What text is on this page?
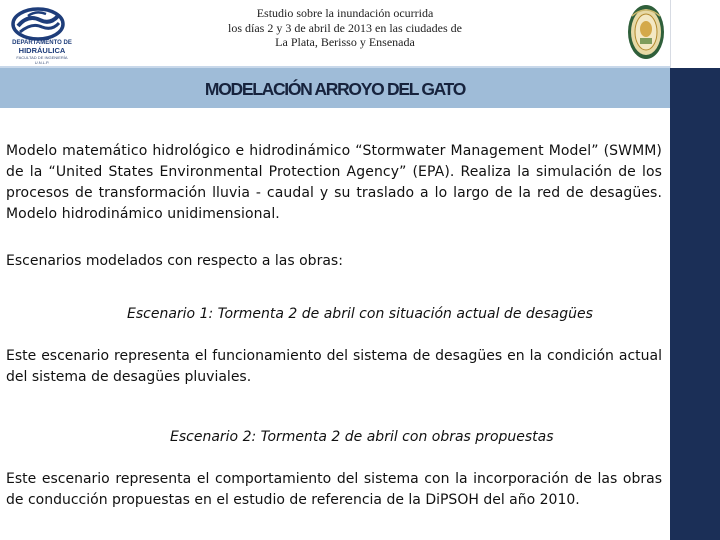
DEPARTAMENTO DE
HIDRÁULICA
FACULTAD DE INGENIERÍA U.N.L.P.
Estudio sobre la inundación ocurrida
los días 2 y 3 de abril de 2013 en las ciudades de
La Plata, Berisso y Ensenada
MODELACIÓN ARROYO DEL GATO

Modelo matemático hidrológico e hidrodinámico “Stormwater Management Model” (SWMM) de la “United States Environmental Protection Agency” (EPA). Realiza la simulación de los procesos de transformación lluvia - caudal y su traslado a lo largo de la red de desagües. Modelo hidrodinámico unidimensional.

Escenarios modelados con respecto a las obras:

Escenario 1: Tormenta 2 de abril con situación actual de desagües

Este escenario representa el funcionamiento del sistema de desagües en la condición actual del sistema de desagües pluviales.

Escenario 2: Tormenta 2 de abril con obras propuestas

Este escenario representa el comportamiento del sistema con la incorporación de las obras de conducción propuestas en el estudio de referencia de la DiPSOH del año 2010.
